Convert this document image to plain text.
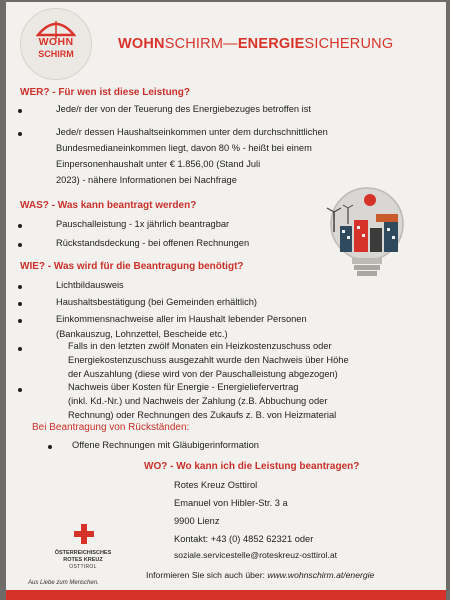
WOHN
SCHIRM
WOHNSCHIRM—ENERGIESICHERUNG
WER? - Für wen ist diese Leistung?
Jede/r der von der Teuerung des Energiebezuges betroffen ist
Jede/r dessen Haushaltseinkommen unter dem durchschnittlichen
Bundesmedianeinkommen liegt, davon 80 % - heißt bei einem
Einpersonenhaushalt unter € 1.856,00 (Stand Juli
2023) - nähere Informationen bei Nachfrage
WAS? - Was kann beantragt werden?
Pauschalleistung - 1x jährlich beantragbar
Rückstandsdeckung - bei offenen Rechnungen
WIE? - Was wird für die Beantragung benötigt?
Lichtbildausweis
Haushaltsbestätigung (bei Gemeinden erhältlich)
Einkommensnachweise aller im Haushalt lebender Personen
(Bankauszug, Lohnzettel, Bescheide etc.)
Falls in den letzten zwölf Monaten ein Heizkostenzuschuss oder
Energiekostenzuschuss ausgezahlt wurde den Nachweis über Höhe
der Auszahlung (diese wird von der Pauschalleistung abgezogen)
Nachweis über Kosten für Energie - Energieliefervertrag
(inkl. Kd.-Nr.) und Nachweis der Zahlung (z.B. Abbuchung oder
Rechnung) oder Rechnungen des Zukaufs z. B. von Heizmaterial
Bei Beantragung von Rückständen:
Offene Rechnungen mit Gläubigerinformation
WO? - Wo kann ich die Leistung beantragen?
Rotes Kreuz Osttirol
Emanuel von Hibler-Str. 3 a
9900 Lienz
Kontakt: +43 (0) 4852 62321 oder
soziale.servicestelle@roteskreuz-osttirol.at
Informieren Sie sich auch über: www.wohnschirm.at/energie
ÖSTERREICHISCHES
ROTES KREUZ
OSTTIROL
Aus Liebe zum Menschen.
